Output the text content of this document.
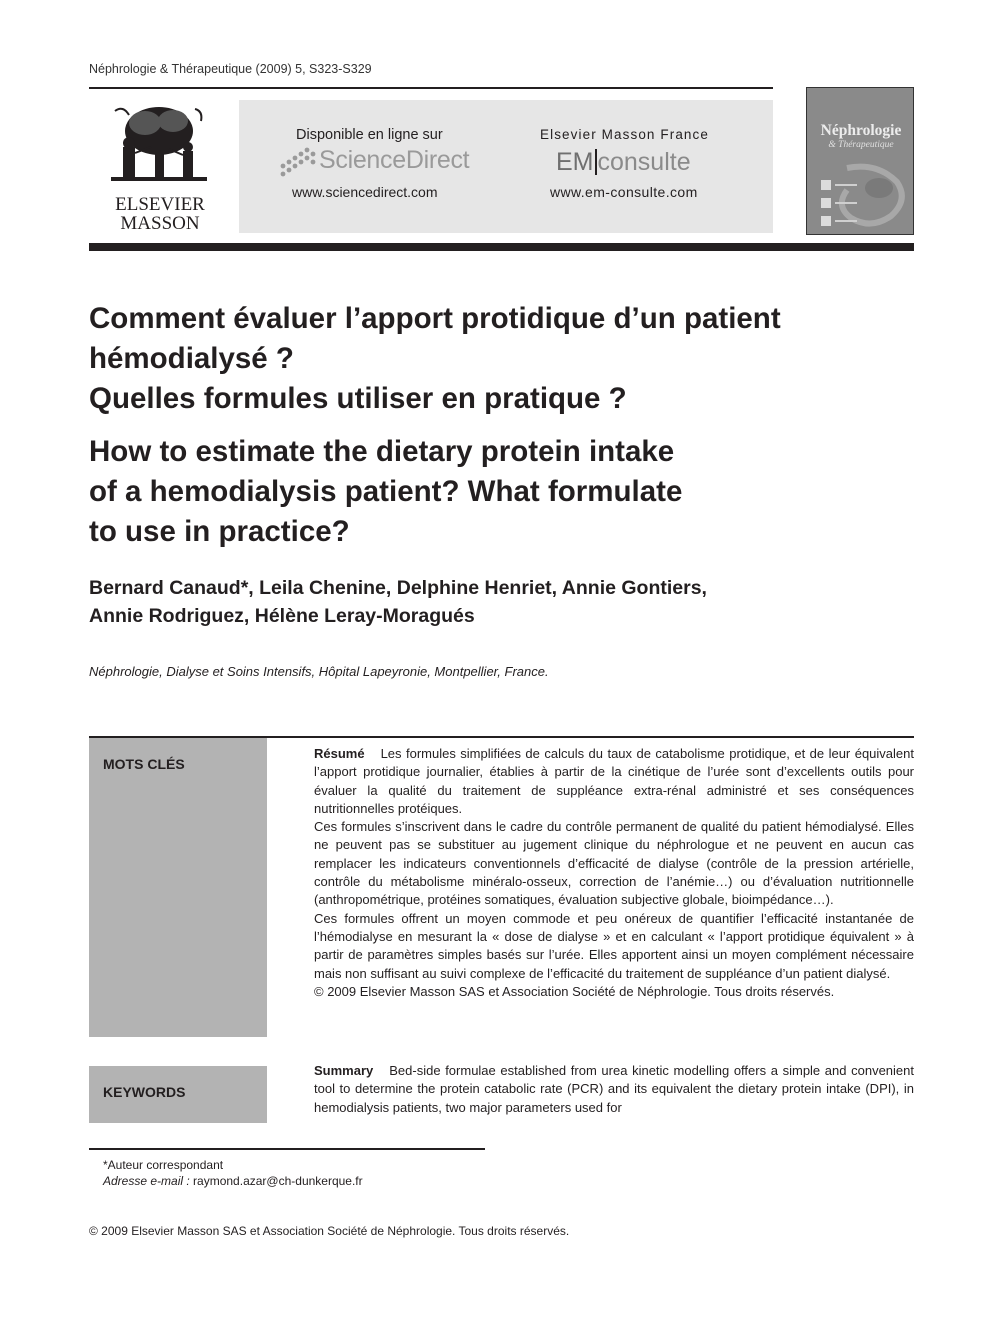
Néphrologie & Thérapeutique (2009) 5, S323-S329
ELSEVIER
MASSON
Disponible en ligne sur
ScienceDirect
www.sciencedirect.com
Elsevier Masson France
EM consulte
www.em-consulte.com
Néphrologie
& Thérapeutique
Comment évaluer l’apport protidique d’un patient
hémodialysé ?
Quelles formules utiliser en pratique ?
How to estimate the dietary protein intake
of a hemodialysis patient? What formulate
to use in practice?
Bernard Canaud*, Leila Chenine, Delphine Henriet, Annie Gontiers,
Annie Rodriguez, Hélène Leray-Moragués
Néphrologie, Dialyse et Soins Intensifs, Hôpital Lapeyronie, Montpellier, France.
MOTS CLÉS
KEYWORDS

Résumé Les formules simplifiées de calculs du taux de catabolisme protidique, et de leur équivalent l’apport protidique journalier, établies à partir de la cinétique de l’urée sont d’excellents outils pour évaluer la qualité du traitement de suppléance extra-rénal administré et ses conséquences nutritionnelles protéiques.

Ces formules s’inscrivent dans le cadre du contrôle permanent de qualité du patient hémodialysé. Elles ne peuvent pas se substituer au jugement clinique du néphrologue et ne peuvent en aucun cas remplacer les indicateurs conventionnels d’efficacité de dialyse (contrôle de la pression artérielle, contrôle du métabolisme minéralo-osseux, correction de l’anémie…) ou d’évaluation nutritionnelle (anthropométrique, protéines somatiques, évaluation subjective globale, bioimpédance…).

Ces formules offrent un moyen commode et peu onéreux de quantifier l’efficacité instantanée de l’hémodialyse en mesurant la « dose de dialyse » et en calculant « l’apport protidique équivalent » à partir de paramètres simples basés sur l’urée. Elles apportent ainsi un moyen complément nécessaire mais non suffisant au suivi complexe de l’efficacité du traitement de suppléance d’un patient dialysé.

© 2009 Elsevier Masson SAS et Association Société de Néphrologie. Tous droits réservés.

Summary Bed-side formulae established from urea kinetic modelling offers a simple and convenient tool to determine the protein catabolic rate (PCR) and its equivalent the dietary protein intake (DPI), in hemodialysis patients, two major parameters used for

*Auteur correspondant
Adresse e-mail : raymond.azar@ch-dunkerque.fr
© 2009 Elsevier Masson SAS et Association Société de Néphrologie. Tous droits réservés.
